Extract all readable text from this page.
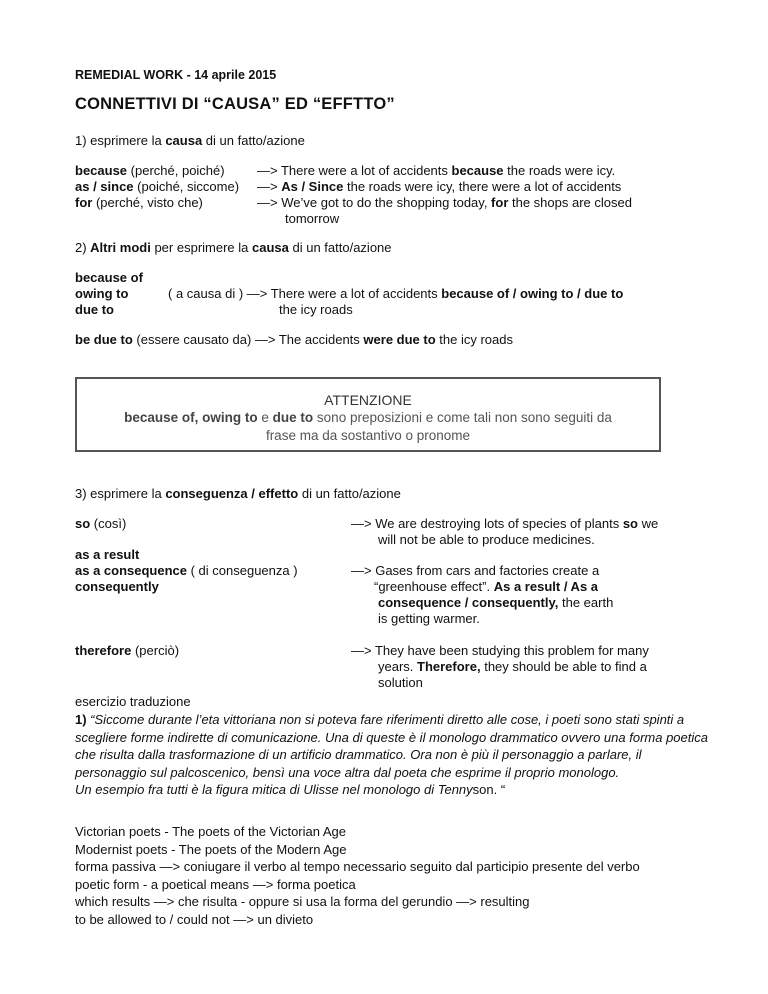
REMEDIAL WORK - 14 aprile 2015
CONNETTIVI DI “CAUSA” ED “EFFTTO”
1) esprimere la causa di un fatto/azione
because (perché, poiché) —> There were a lot of accidents because the roads were icy.
as / since (poiché, siccome) —> As / Since the roads were icy, there were a lot of accidents
for (perché, visto che)	—> We’ve got to do the shopping today, for the shops are closed
tomorrow
2) Altri modi per esprimere la causa di un fatto/azione
because of
owing to
due to
( a causa di ) —> There were a lot of accidents because of / owing to / due to
the icy roads
be due to (essere causato da) —> The accidents were due to the icy roads
ATTENZIONE
because of, owing to e due to sono preposizioni e come tali non sono seguiti da
frase ma da sostantivo o pronome
3) esprimere la conseguenza / effetto di un fatto/azione
so (così)	—> We are destroying lots of species of plants so we
will not be able to produce medicines.
as a result
as a consequence ( di conseguenza )
consequently
—> Gases from cars and factories create a
“greenhouse effect”. As a result / As a
consequence / consequently, the earth
is getting warmer.
therefore (perciò)	—> They have been studying this problem for many
years. Therefore, they should be able to find a
solution
esercizio traduzione
1) “Siccome durante l’eta vittoriana non si poteva fare riferimenti diretto alle cose, i poeti sono stati spinti a scegliere forme indirette di comunicazione. Una di queste è il monologo drammatico ovvero una forma poetica che risulta dalla trasformazione di un artificio drammatico. Ora non è più il personaggio a parlare, il personaggio sul palcoscenico, bensì una voce altra dal poeta che esprime il proprio monologo.
Un esempio fra tutti è la figura mitica di Ulisse nel monologo di Tennyson. “
Victorian poets - The poets of the Victorian Age
Modernist poets - The poets of the Modern Age
forma passiva —> coniugare il verbo al tempo necessario seguito dal participio presente del verbo
poetic form - a poetical means —> forma poetica
which results —> che risulta - oppure si usa la forma del gerundio —> resulting
to be allowed to / could not —> un divieto
